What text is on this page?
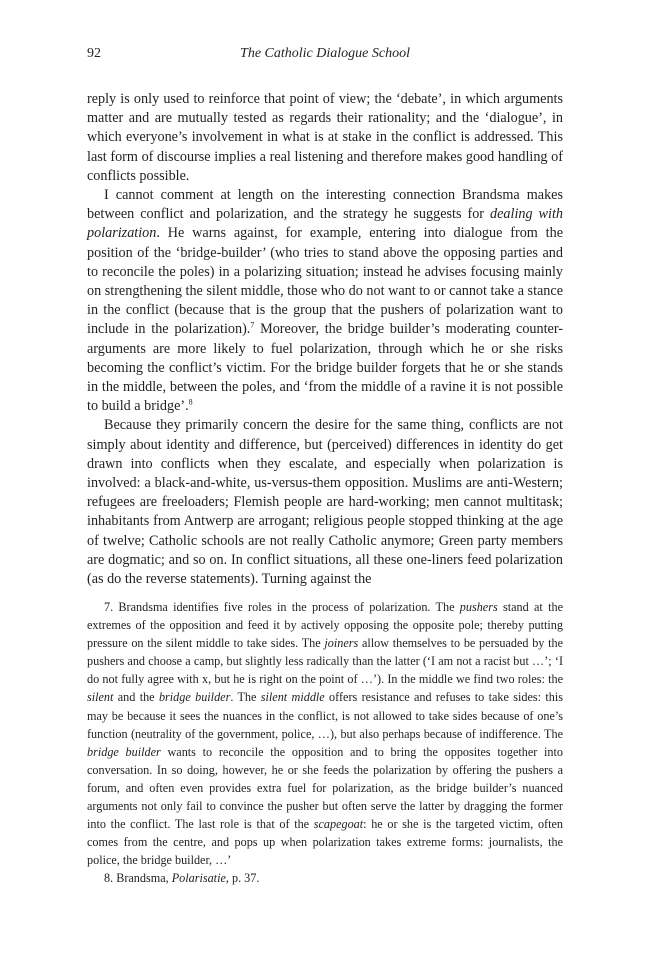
92	The Catholic Dialogue School

reply is only used to reinforce that point of view; the ‘debate’, in which arguments matter and are mutually tested as regards their rationality; and the ‘dialogue’, in which everyone’s involvement in what is at stake in the conflict is addressed. This last form of discourse implies a real listening and therefore makes good handling of conflicts possible.

I cannot comment at length on the interesting connection Brandsma makes between conflict and polarization, and the strategy he suggests for dealing with polarization. He warns against, for example, entering into dialogue from the position of the ‘bridge-builder’ (who tries to stand above the opposing parties and to reconcile the poles) in a polarizing situation; instead he advises focusing mainly on strengthening the silent middle, those who do not want to or cannot take a stance in the conflict (because that is the group that the pushers of polarization want to include in the polarization).$^7$ Moreover, the bridge builder’s moderating counter-arguments are more likely to fuel polarization, through which he or she risks becoming the conflict’s victim. For the bridge builder forgets that he or she stands in the middle, between the poles, and ‘from the middle of a ravine it is not possible to build a bridge’.$^8$

Because they primarily concern the desire for the same thing, conflicts are not simply about identity and difference, but (perceived) differences in identity do get drawn into conflicts when they escalate, and especially when polarization is involved: a black-and-white, us-versus-them opposition. Muslims are anti-Western; refugees are freeloaders; Flemish people are hard-working; men cannot multitask; inhabitants from Antwerp are arrogant; religious people stopped thinking at the age of twelve; Catholic schools are not really Catholic anymore; Green party members are dogmatic; and so on. In conflict situations, all these one-liners feed polarization (as do the reverse statements). Turning against the

7. Brandsma identifies five roles in the process of polarization. The pushers stand at the extremes of the opposition and feed it by actively opposing the opposite pole; thereby putting pressure on the silent middle to take sides. The joiners allow themselves to be persuaded by the pushers and choose a camp, but slightly less radically than the latter (‘I am not a racist but …’; ‘I do not fully agree with x, but he is right on the point of …’). In the middle we find two roles: the silent and the bridge builder. The silent middle offers resistance and refuses to take sides: this may be because it sees the nuances in the conflict, is not allowed to take sides because of one’s function (neutrality of the government, police, …), but also perhaps because of indifference. The bridge builder wants to reconcile the opposition and to bring the opposites together into conversation. In so doing, however, he or she feeds the polarization by offering the pushers a forum, and often even provides extra fuel for polarization, as the bridge builder’s nuanced arguments not only fail to convince the pusher but often serve the latter by dragging the former into the conflict. The last role is that of the scapegoat: he or she is the targeted victim, often comes from the centre, and pops up when polarization takes extreme forms: journalists, the police, the bridge builder, …’

8. Brandsma, Polarisatie, p. 37.
